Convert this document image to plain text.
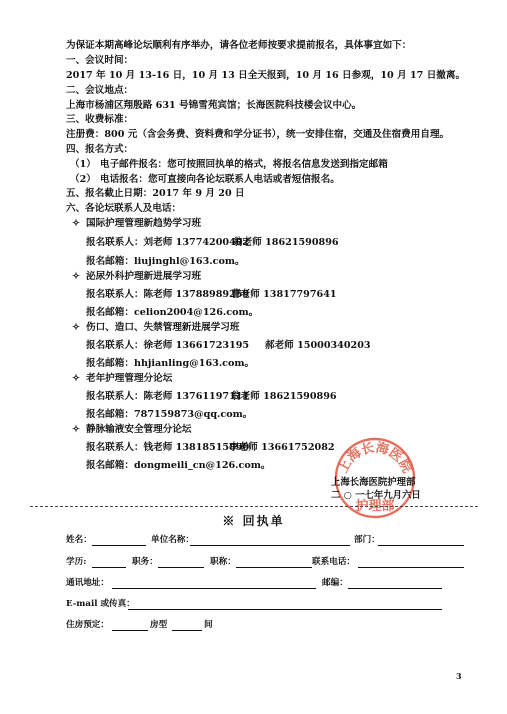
为保证本期高峰论坛顺利有序举办，请各位老师按要求提前报名，具体事宜如下：
一、会议时间：
2017 年 10 月 13-16 日，10 月 13 日全天报到，10 月 16 日参观，10 月 17 日撤离。
二、会议地点：
上海市杨浦区翔殷路 631 号锦雪苑宾馆；长海医院科技楼会议中心。
三、收费标准：
注册费：800 元（含会务费、资料费和学分证书），统一安排住宿，交通及住宿费用自理。
四、报名方式：
（1） 电子邮件报名：您可按照回执单的格式，将报名信息发送到指定邮箱
（2） 电话报名：您可直接向各论坛联系人电话或者短信报名。
五、报名截止日期：2017 年 9 月 20 日
六、各论坛联系人及电话：
✧ 国际护理管理新趋势学习班
报名联系人：刘老师 13774200402
翁老师 18621590896
报名邮箱：liujinghl@163.com。
✧ 泌尿外科护理新进展学习班
报名联系人：陈老师 13788989259
曹老师 13817797641
报名邮箱：celion2004@126.com。
✧ 伤口、造口、失禁管理新进展学习班
报名联系人：徐老师 13661723195 郝老师 15000340203
报名邮箱：hhjianling@163.com。
✧ 老年护理管理分论坛
报名联系人：陈老师 13761197111
翁老师 18621590896
报名邮箱：787159873@qq.com。
✧ 静脉输液安全管理分论坛
报名联系人：钱老师 13818515890
李老师 13661752082
报名邮箱：dongmeili_cn@126.com。	上海长海医院
护理部
上海长海医院护理部
二 ○ 一七年九月六日
※ 回执单
姓名：	单位名称：	部门：
学历:	职务：	职称：	联系电话：
通讯地址：	邮编：
E-mail 或传真：
住房预定：	房型	间
3
